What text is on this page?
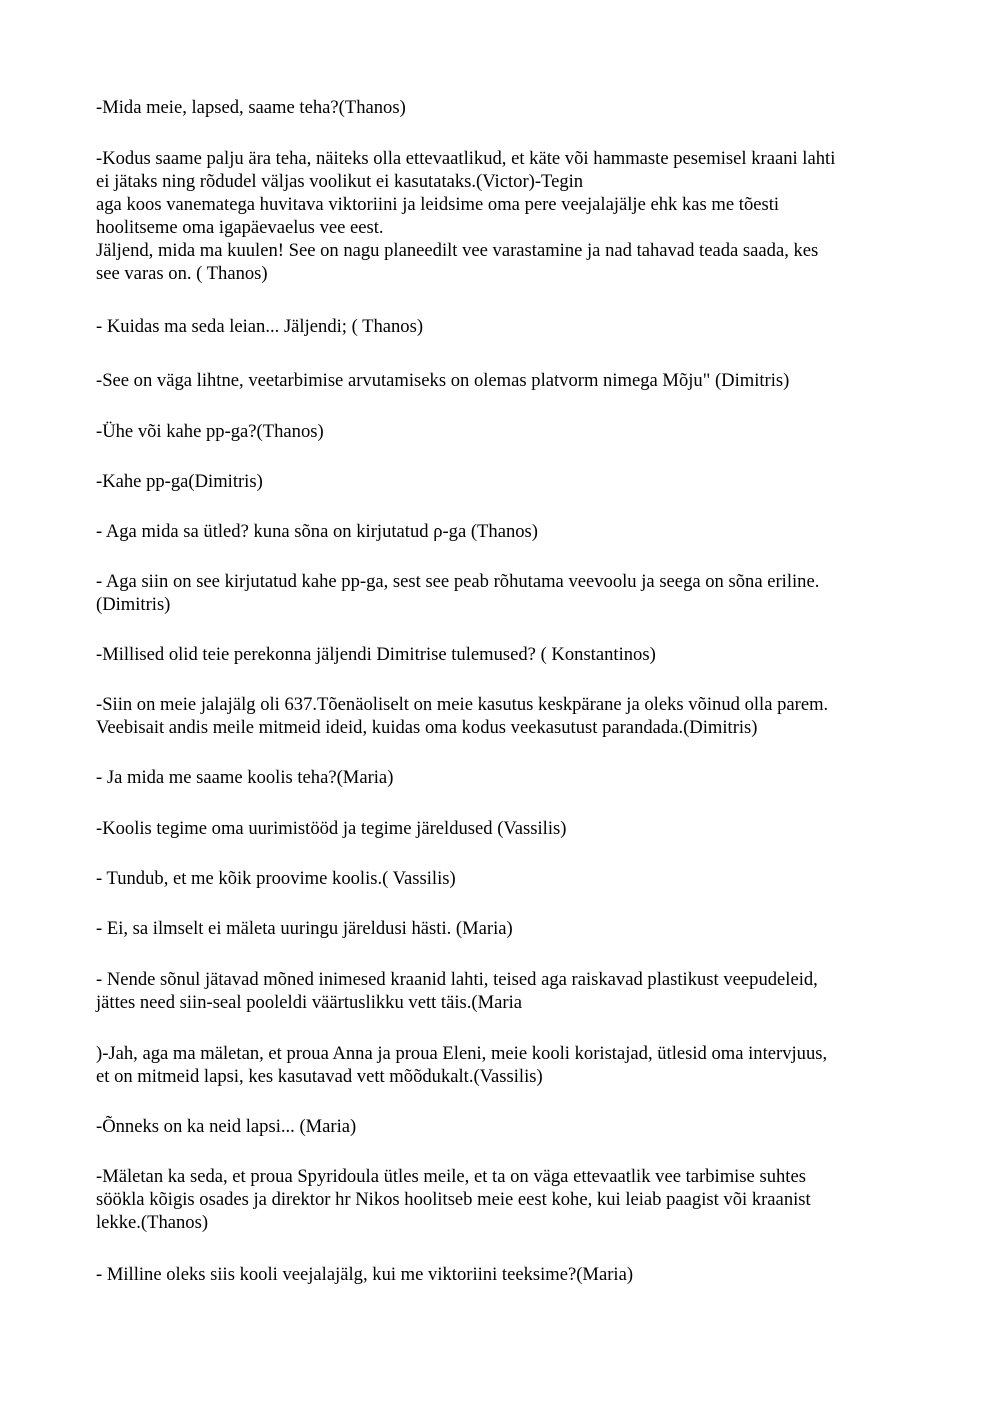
-Mida meie, lapsed, saame teha?(Thanos)

-Kodus saame palju ära teha, näiteks olla ettevaatlikud, et käte või hammaste pesemisel kraani lahti
ei jätaks ning rõdudel väljas voolikut ei kasutataks.(Victor)-Tegin
aga koos vanematega huvitava viktoriini ja leidsime oma pere veejalajälje ehk kas me tõesti
hoolitseme oma igapäevaelus vee eest.
Jäljend, mida ma kuulen! See on nagu planeedilt vee varastamine ja nad tahavad teada saada, kes
see varas on. ( Thanos)

- Kuidas ma seda leian... Jäljendi; ( Thanos)

-See on väga lihtne, veetarbimise arvutamiseks on olemas platvorm nimega Mõju" (Dimitris)

-Ühe või kahe pp-ga?(Thanos)

-Kahe pp-ga(Dimitris)

- Aga mida sa ütled? kuna sõna on kirjutatud ρ-ga (Thanos)

- Aga siin on see kirjutatud kahe pp-ga, sest see peab rõhutama veevoolu ja seega on sõna eriline.
(Dimitris)

-Millised olid teie perekonna jäljendi Dimitrise tulemused? ( Konstantinos)

-Siin on meie jalajälg oli 637.Tõenäoliselt on meie kasutus keskpärane ja oleks võinud olla parem.
Veebisait andis meile mitmeid ideid, kuidas oma kodus veekasutust parandada.(Dimitris)

- Ja mida me saame koolis teha?(Maria)

-Koolis tegime oma uurimistööd ja tegime järeldused (Vassilis)

- Tundub, et me kõik proovime koolis.( Vassilis)

- Ei, sa ilmselt ei mäleta uuringu järeldusi hästi. (Maria)

- Nende sõnul jätavad mõned inimesed kraanid lahti, teised aga raiskavad plastikust veepudeleid,
jättes need siin-seal pooleldi väärtuslikku vett täis.(Maria

)-Jah, aga ma mäletan, et proua Anna ja proua Eleni, meie kooli koristajad, ütlesid oma intervjuus,
et on mitmeid lapsi, kes kasutavad vett mõõdukalt.(Vassilis)

-Õnneks on ka neid lapsi... (Maria)

-Mäletan ka seda, et proua Spyridoula ütles meile, et ta on väga ettevaatlik vee tarbimise suhtes
söökla kõigis osades ja direktor hr Nikos hoolitseb meie eest kohe, kui leiab paagist või kraanist
lekke.(Thanos)

- Milline oleks siis kooli veejalajälg, kui me viktoriini teeksime?(Maria)
